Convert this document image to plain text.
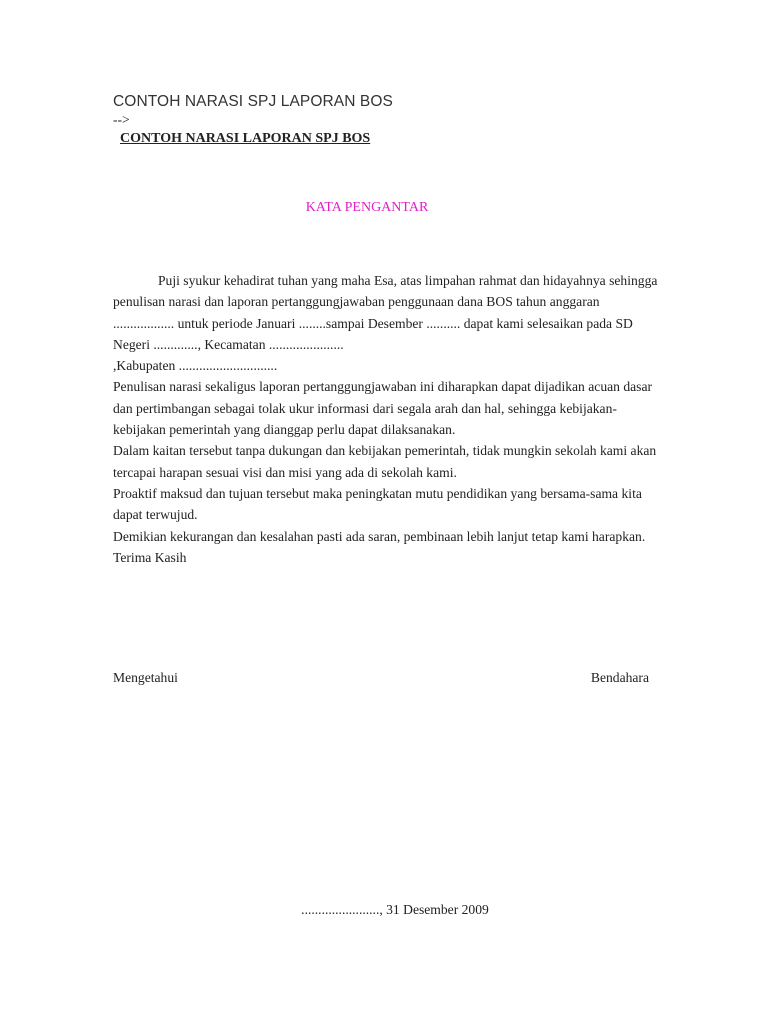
CONTOH NARASI SPJ LAPORAN BOS
-->
CONTOH NARASI LAPORAN SPJ BOS
KATA PENGANTAR

Puji syukur kehadirat tuhan yang maha Esa, atas limpahan rahmat dan hidayahnya sehingga penulisan narasi dan laporan pertanggungjawaban penggunaan dana BOS tahun anggaran .................. untuk periode Januari ........sampai Desember .......... dapat kami selesaikan pada SD Negeri ............., Kecamatan ......................

,Kabupaten .............................

Penulisan narasi sekaligus laporan pertanggungjawaban ini diharapkan dapat dijadikan acuan dasar dan pertimbangan sebagai tolak ukur informasi dari segala arah dan hal, sehingga kebijakan-kebijakan pemerintah yang dianggap perlu dapat dilaksanakan.

Dalam kaitan tersebut tanpa dukungan dan kebijakan pemerintah, tidak mungkin sekolah kami akan tercapai harapan sesuai visi dan misi yang ada di sekolah kami.

Proaktif maksud dan tujuan tersebut maka peningkatan mutu pendidikan yang bersama-sama kita dapat terwujud.

Demikian kekurangan dan kesalahan pasti ada saran, pembinaan lebih lanjut tetap kami harapkan.

Terima Kasih

Mengetahui	Bendahara
......................., 31 Desember 2009
